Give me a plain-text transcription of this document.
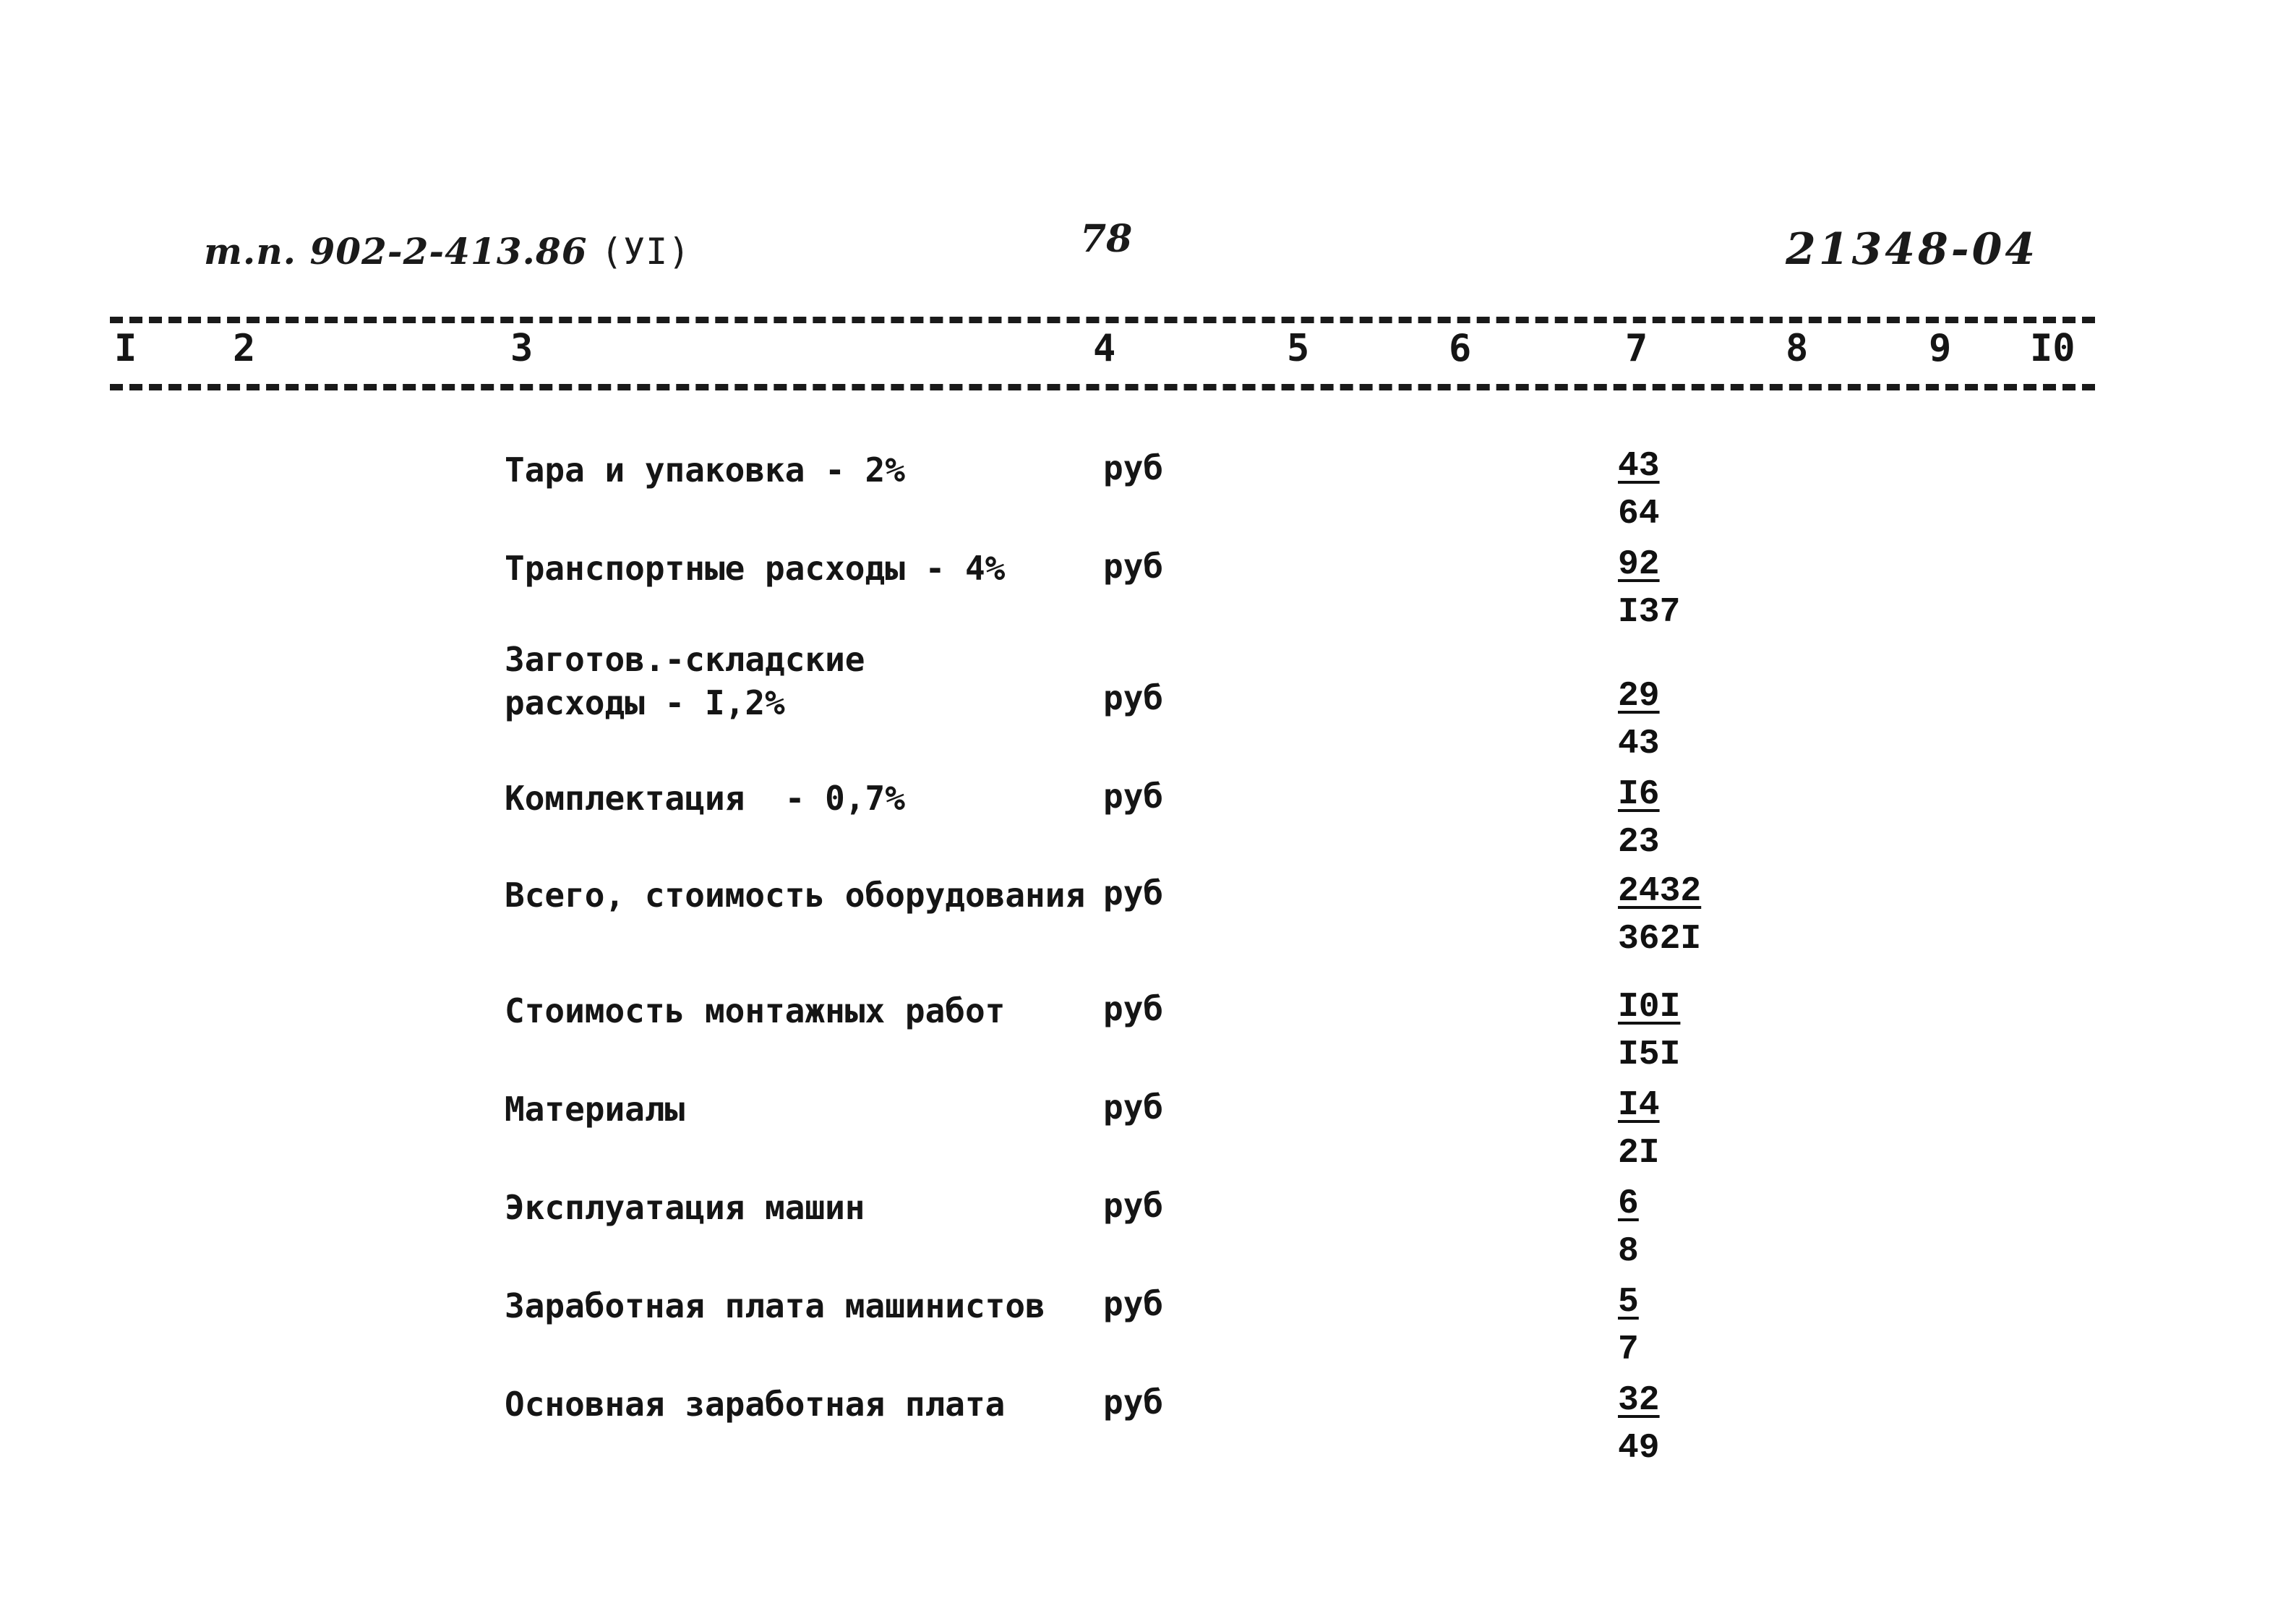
т.п. 902-2-413.86 (УI)	78	21348-04
I	2	3	4	5	6	7	8	9 I0
Тара и упаковка - 2%	руб	43
64
Транспортные расходы - 4%	руб	92
I37
Заготов.-складские
расходы - I,2%	руб	29
43
Комплектация  - 0,7%	руб	I6
23
Всего, стоимость оборудования руб	2432
362I
Стоимость монтажных работ	руб	I0I
I5I
Материалы	руб	I4
2I
Эксплуатация машин	руб	6
8
Заработная плата машинистов руб	5
7
Основная заработная плата	руб	32
49
